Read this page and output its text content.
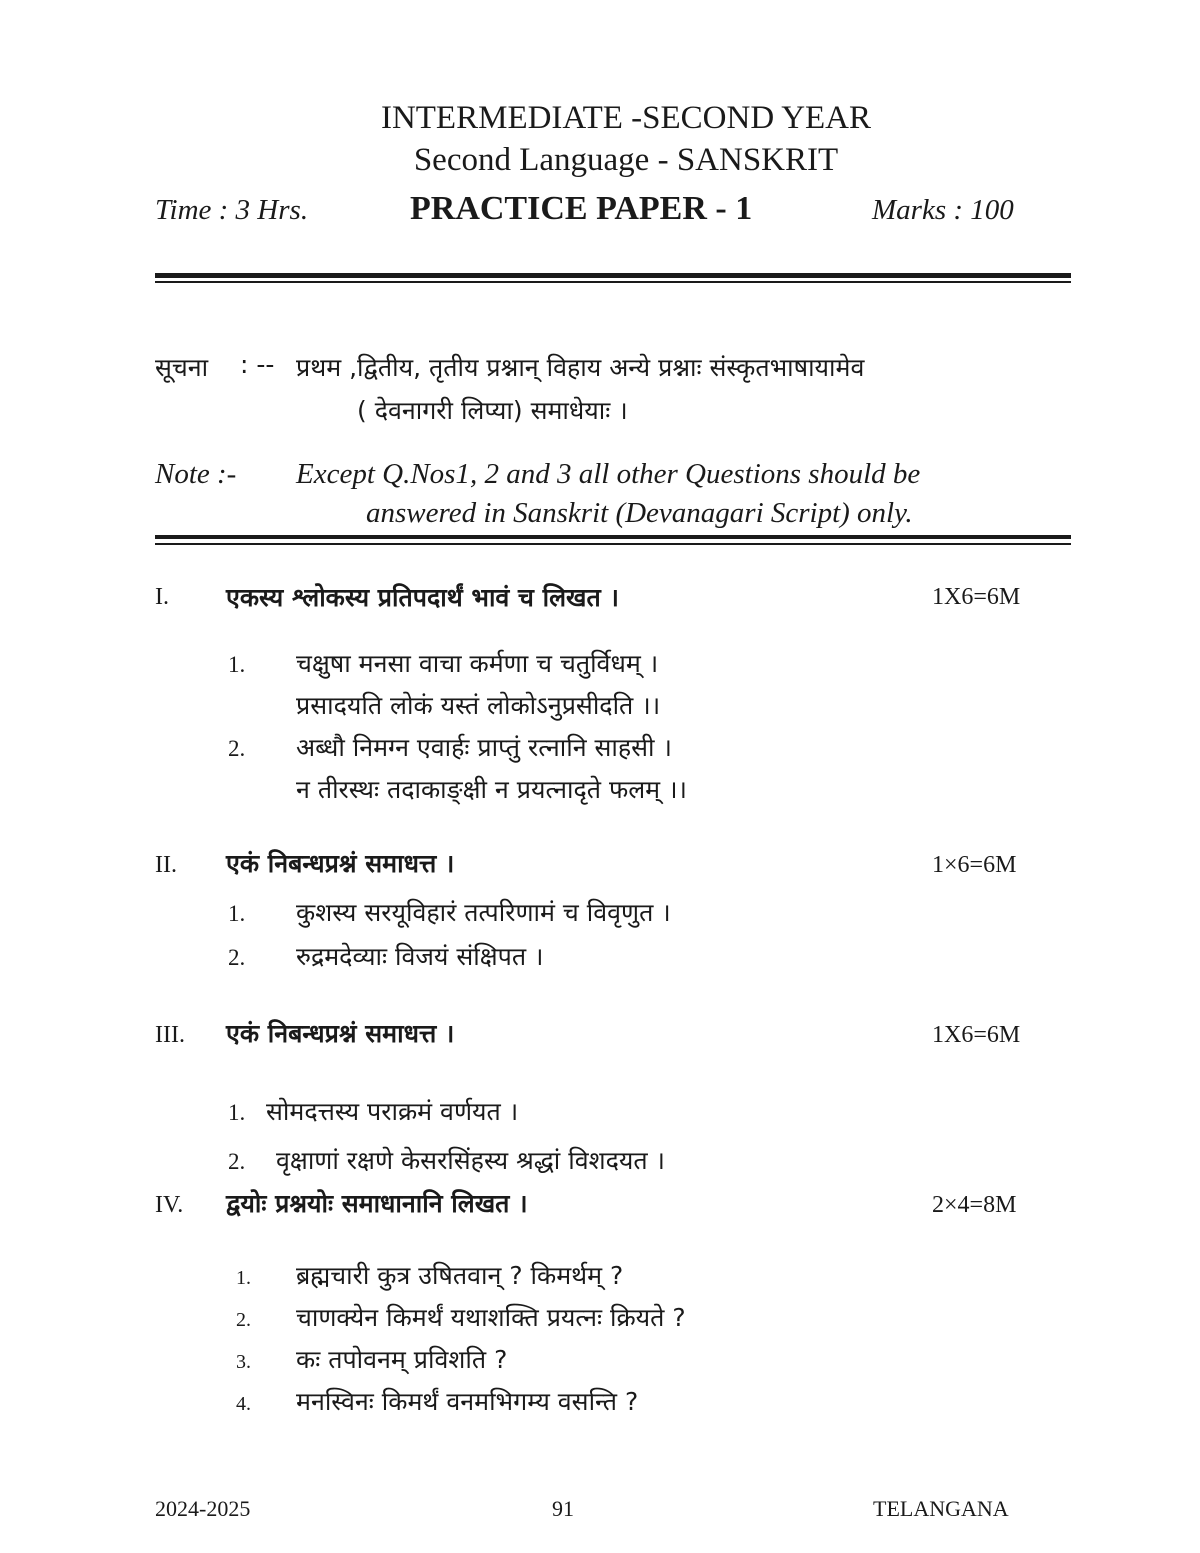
INTERMEDIATE -SECOND YEAR
Second Language - SANSKRIT
Time : 3 Hrs.	PRACTICE PAPER - 1	Marks : 100
सूचना : -- प्रथम ,द्वितीय, तृतीय प्रश्नान् विहाय अन्ये प्रश्नाः संस्कृतभाषायामेव
( देवनागरी लिप्या) समाधेयाः ।
Note :- Except Q.Nos1, 2 and 3 all other Questions should be
answered in Sanskrit (Devanagari Script) only.
I. एकस्य श्लोकस्य प्रतिपदार्थं भावं च लिखत ।	1X6=6M
1. चक्षुषा मनसा वाचा कर्मणा च चतुर्विधम् ।
प्रसादयति लोकं यस्तं लोकोऽनुप्रसीदति ।।
2. अब्धौ निमग्न एवार्हः प्राप्तुं रत्नानि साहसी ।
न तीरस्थः तदाकाङ्क्षी न प्रयत्नादृते फलम् ।।
II. एकं निबन्धप्रश्नं समाधत्त ।	1×6=6M
1. कुशस्य सरयूविहारं तत्परिणामं च विवृणुत ।
2. रुद्रमदेव्याः विजयं संक्षिपत ।
III. एकं निबन्धप्रश्नं समाधत्त ।	1X6=6M
1. सोमदत्तस्य पराक्रमं वर्णयत ।
2. वृक्षाणां रक्षणे केसरसिंहस्य श्रद्धां विशदयत ।
IV. द्वयोः प्रश्नयोः समाधानानि लिखत ।	2×4=8M
1. ब्रह्मचारी कुत्र उषितवान् ? किमर्थम् ?
2. चाणक्येन किमर्थं यथाशक्ति प्रयत्नः क्रियते ?
3. कः तपोवनम् प्रविशति ?
4. मनस्विनः किमर्थं वनमभिगम्य वसन्ति ?
2024-2025	91	TELANGANA
